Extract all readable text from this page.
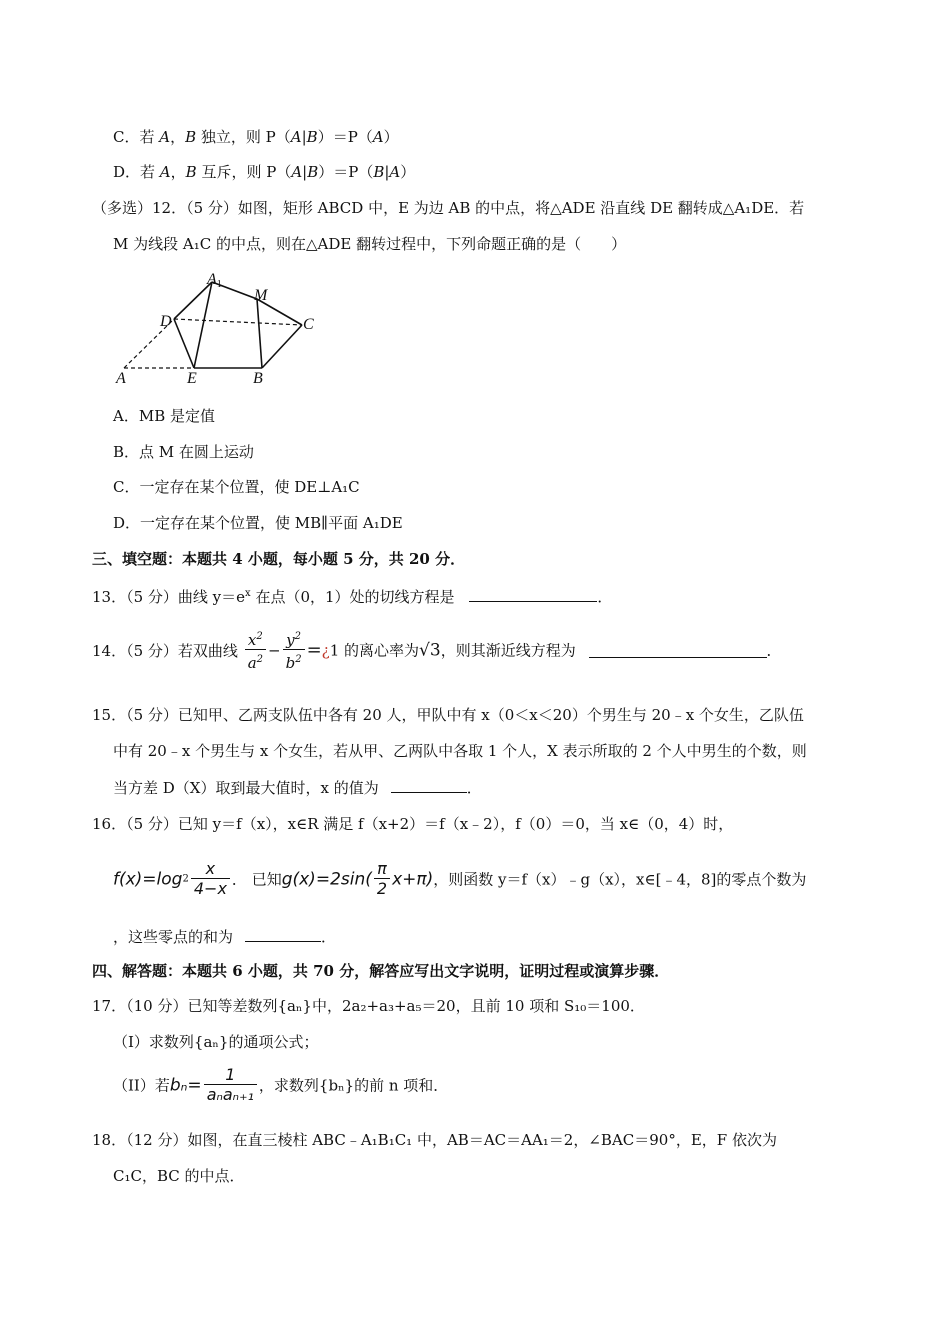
C．若 A，B 独立，则 P（A|B）＝P（A）
D．若 A，B 互斥，则 P（A|B）＝P（B|A）
（多选）12．（5 分）如图，矩形 ABCD 中，E 为边 AB 的中点，将△ADE 沿直线 DE 翻转成△A₁DE．若
M 为线段 A₁C 的中点，则在△ADE 翻转过程中，下列命题正确的是（　　）
A1
M
D	C
A	E	B
A．MB 是定值
B．点 M 在圆上运动
C．一定存在某个位置，使 DE⊥A₁C
D．一定存在某个位置，使 MB∥平面 A₁DE
三、填空题：本题共 4 小题，每小题 5 分，共 20 分．
13．（5 分）曲线 $y=e^x$ 在点（0，1）处的切线方程是	．
14．（5 分）若双曲线 $\frac{x^2}{a^2} - \frac{y^2}{b^2}$ =¿1 的离心率为√3，则其渐近线方程为	．
15．（5 分）已知甲、乙两支队伍中各有 20 人，甲队中有 x（0＜x＜20）个男生与 20﹣x 个女生，乙队伍
中有 20﹣x 个男生与 x 个女生，若从甲、乙两队中各取 1 个人，X 表示所取的 2 个人中男生的个数，则
当方差 D（X）取到最大值时，x 的值为	．
16．（5 分）已知 y＝f（x），x∈R 满足 f（x+2）＝f（x﹣2），f（0）＝0，当 x∈（0，4）时，
$f(x)=\log 2 \frac{x}{4-x}$ ． 已知$g(x)=2\sin( \frac{\pi}{2} x+\pi)$，则函数 y＝f（x）﹣g（x），x∈[﹣4，8]的零点个数为
，这些零点的和为	．
四、解答题：本题共 6 小题，共 70 分，解答应写出文字说明，证明过程或演算步骤．
17．（10 分）已知等差数列{aₙ}中，2a₂+a₃+a₅＝20，且前 10 项和 S₁₀＝100．
（I）求数列{aₙ}的通项公式；
（II）若$b_n= \frac{1}{\text{aₙaₙ₊₁}}$ ，求数列{bₙ}的前 n 项和．
18．（12 分）如图，在直三棱柱 ABC﹣A₁B₁C₁ 中，AB＝AC＝AA₁＝2，∠BAC＝90°，E，F 依次为
C₁C，BC 的中点．
